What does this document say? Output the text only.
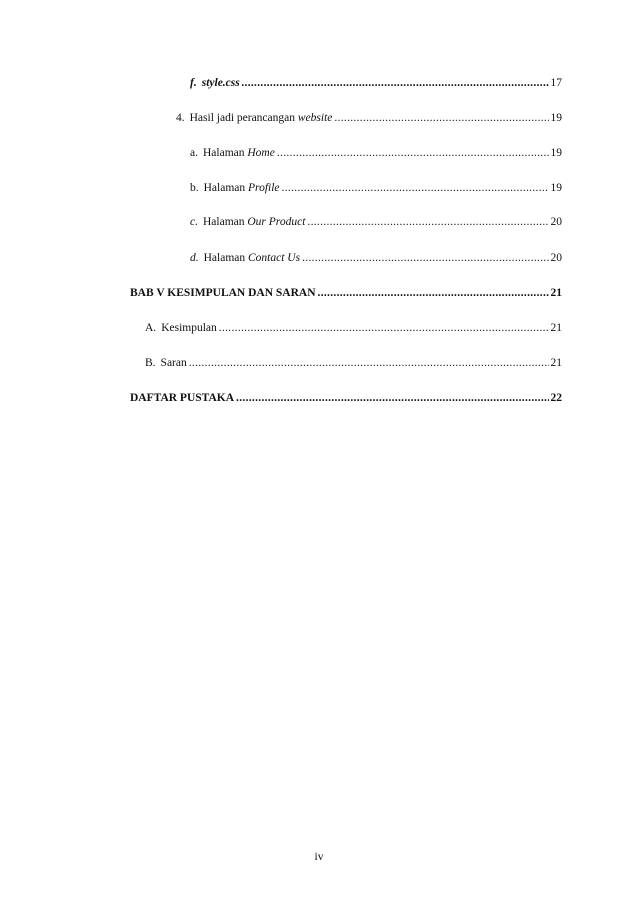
f. style.css .....	17
4. Hasil jadi perancangan website .....	19
a. Halaman Home .....	19
b. Halaman Profile .....	19
c. Halaman Our Product .....	20
d. Halaman Contact Us .....	20
BAB V KESIMPULAN DAN SARAN .....	21
A. Kesimpulan .....	21
B. Saran .....	21
DAFTAR PUSTAKA .....	22
iv
